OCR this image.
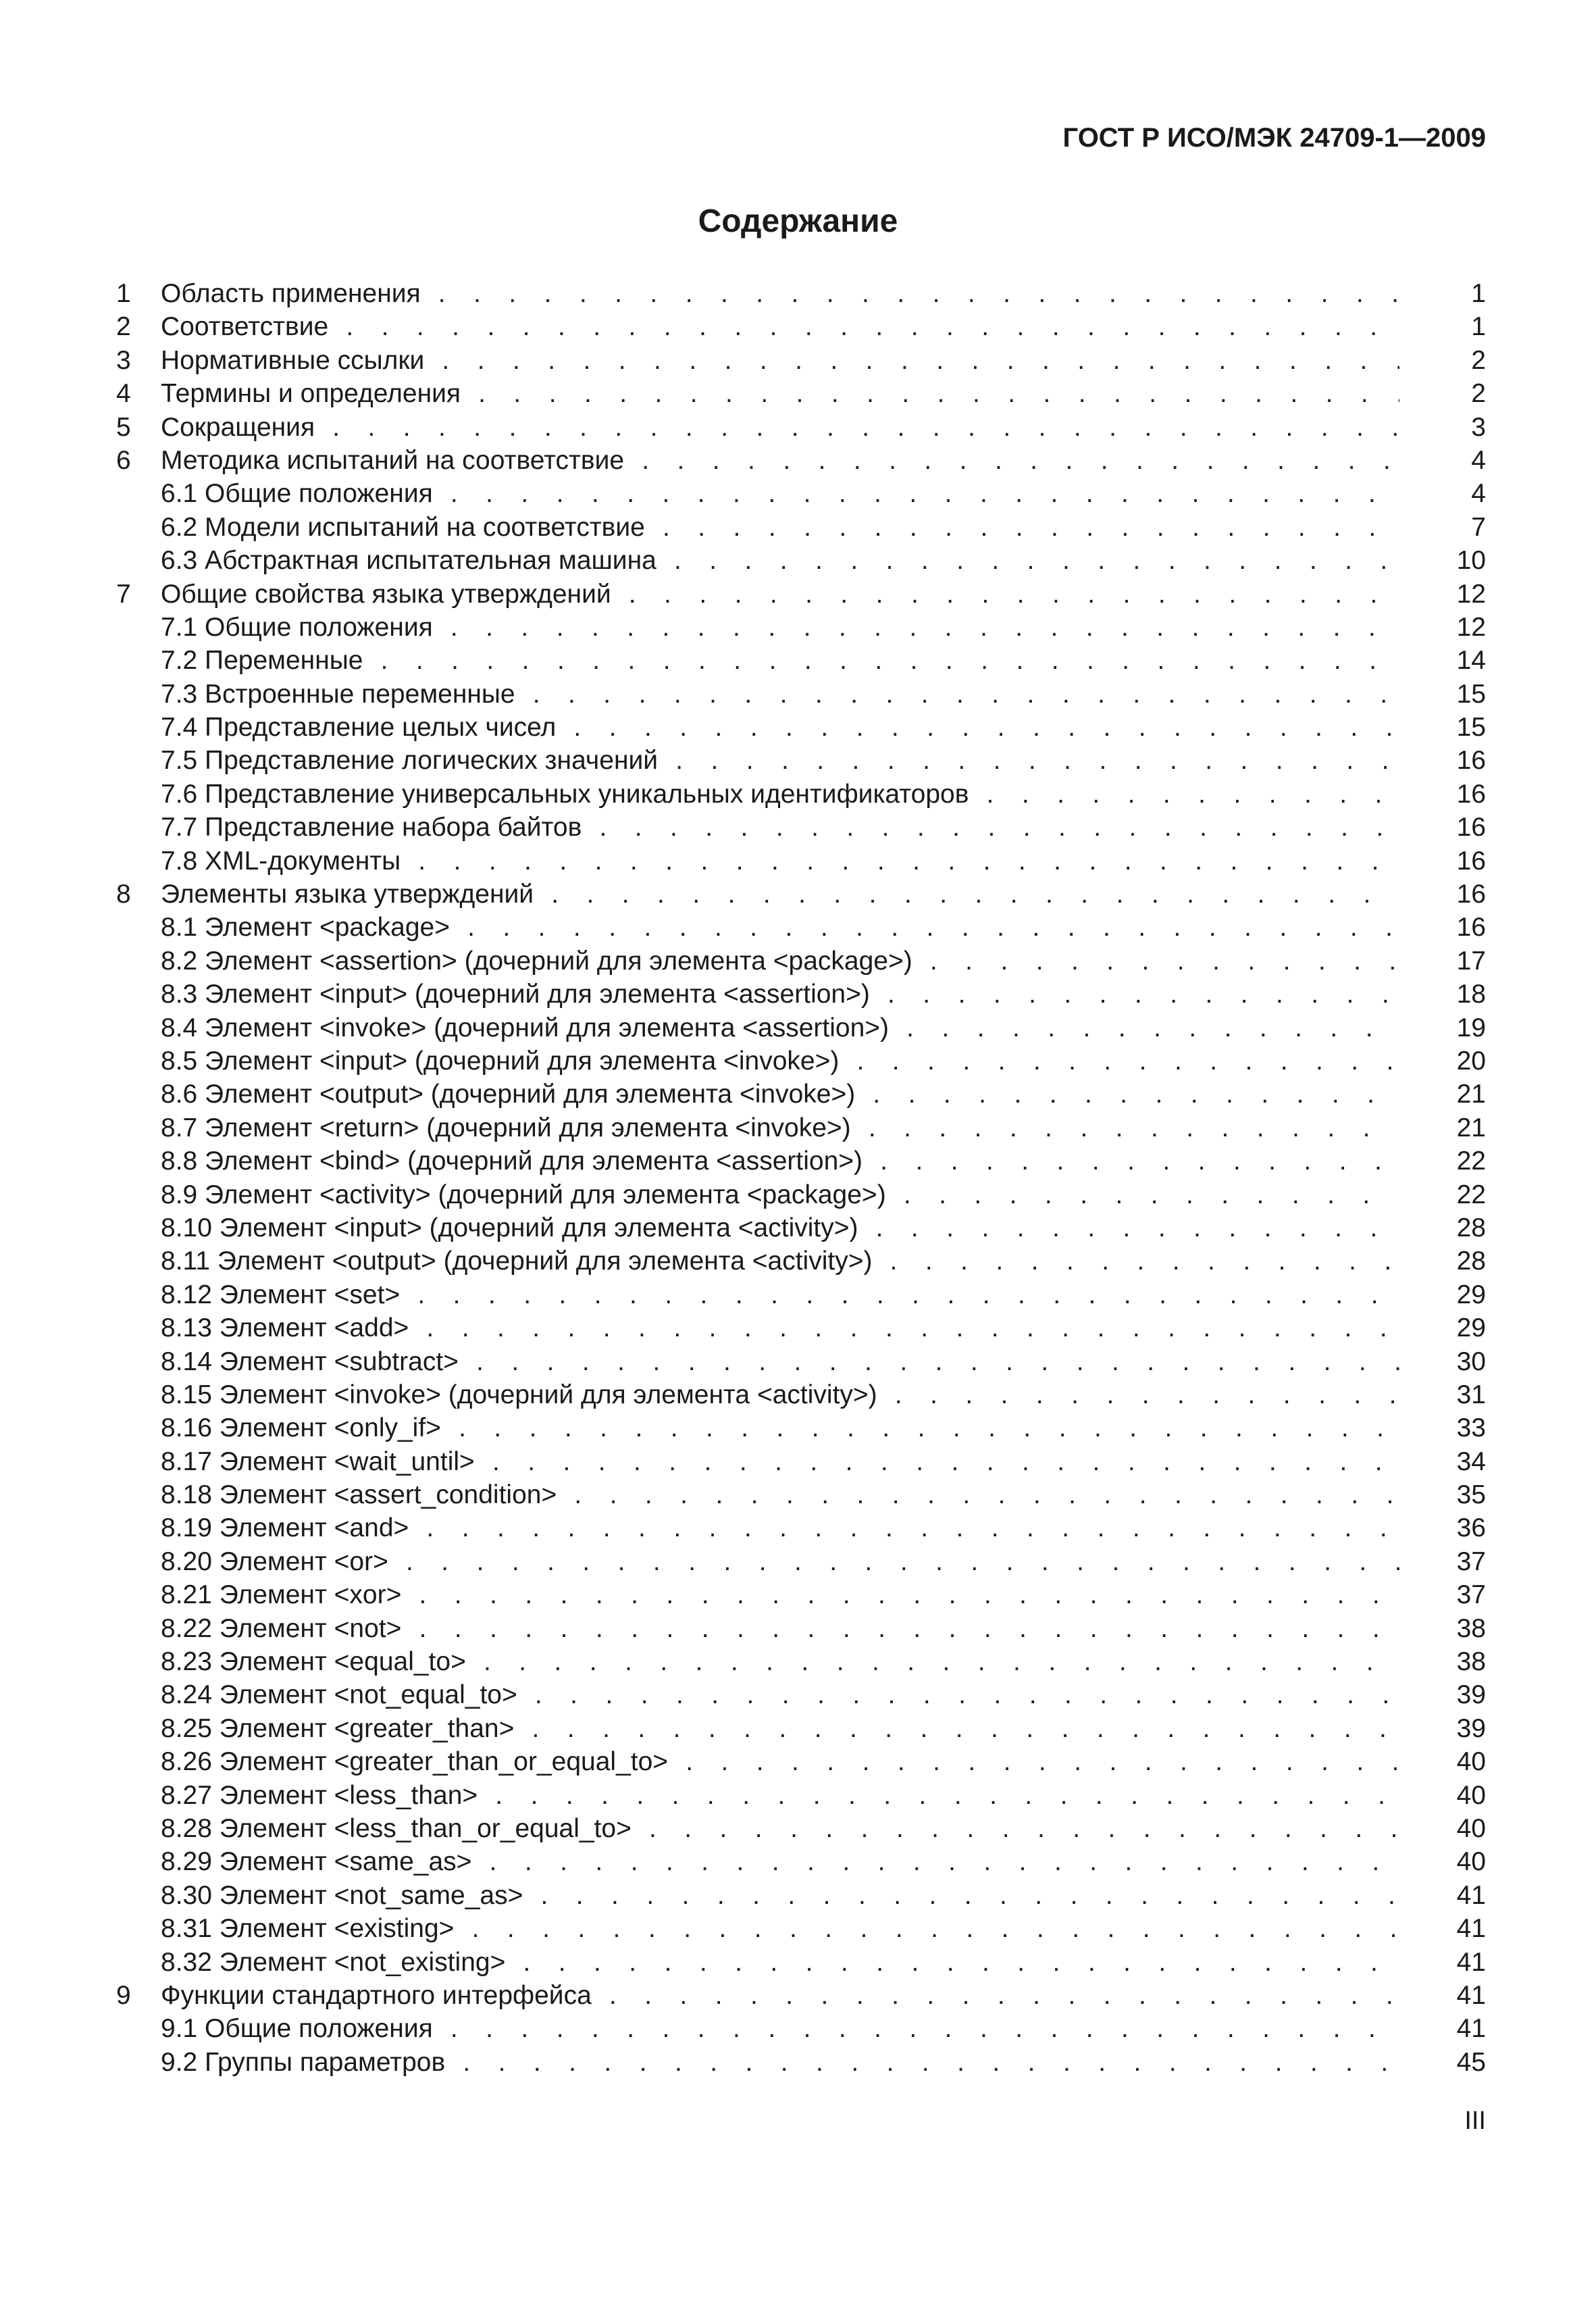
ГОСТ Р ИСО/МЭК 24709-1—2009
Содержание
1 Область применения . . .	1
2 Соответствие . . .	1
3 Нормативные ссылки . . .	2
4 Термины и определения . . .	2
5 Сокращения . . .	3
6 Методика испытаний на соответствие . . .	4
6.1 Общие положения . . .	4
6.2 Модели испытаний на соответствие . . .	7
6.3 Абстрактная испытательная машина . . .	10
7 Общие свойства языка утверждений . . .	12
7.1 Общие положения . . .	12
7.2 Переменные . . .	14
7.3 Встроенные переменные . . .	15
7.4 Представление целых чисел . . .	15
7.5 Представление логических значений . . .	16
7.6 Представление универсальных уникальных идентификаторов . . .	16
7.7 Представление набора байтов . . .	16
7.8 XML-документы . . .	16
8 Элементы языка утверждений . . .	16
8.1 Элемент <package> . . .	16
8.2 Элемент <assertion> (дочерний для элемента <package>) . . .	17
8.3 Элемент <input> (дочерний для элемента <assertion>) . . .	18
8.4 Элемент <invoke> (дочерний для элемента <assertion>) . . .	19
8.5 Элемент <input> (дочерний для элемента <invoke>) . . .	20
8.6 Элемент <output> (дочерний для элемента <invoke>) . . .	21
8.7 Элемент <return> (дочерний для элемента <invoke>) . . .	21
8.8 Элемент <bind> (дочерний для элемента <assertion>) . . .	22
8.9 Элемент <activity> (дочерний для элемента <package>) . . .	22
8.10 Элемент <input> (дочерний для элемента <activity>) . . .	28
8.11 Элемент <output> (дочерний для элемента <activity>) . . .	28
8.12 Элемент <set> . . .	29
8.13 Элемент <add> . . .	29
8.14 Элемент <subtract> . . .	30
8.15 Элемент <invoke> (дочерний для элемента <activity>) . . .	31
8.16 Элемент <only_if> . . .	33
8.17 Элемент <wait_until> . . .	34
8.18 Элемент <assert_condition> . . .	35
8.19 Элемент <and> . . .	36
8.20 Элемент <or> . . .	37
8.21 Элемент <xor> . . .	37
8.22 Элемент <not> . . .	38
8.23 Элемент <equal_to> . . .	38
8.24 Элемент <not_equal_to> . . .	39
8.25 Элемент <greater_than> . . .	39
8.26 Элемент <greater_than_or_equal_to> . . .	40
8.27 Элемент <less_than> . . .	40
8.28 Элемент <less_than_or_equal_to> . . .	40
8.29 Элемент <same_as> . . .	40
8.30 Элемент <not_same_as> . . .	41
8.31 Элемент <existing> . . .	41
8.32 Элемент <not_existing> . . .	41
9 Функции стандартного интерфейса . . .	41
9.1 Общие положения . . .	41
9.2 Группы параметров . . .	45
III
